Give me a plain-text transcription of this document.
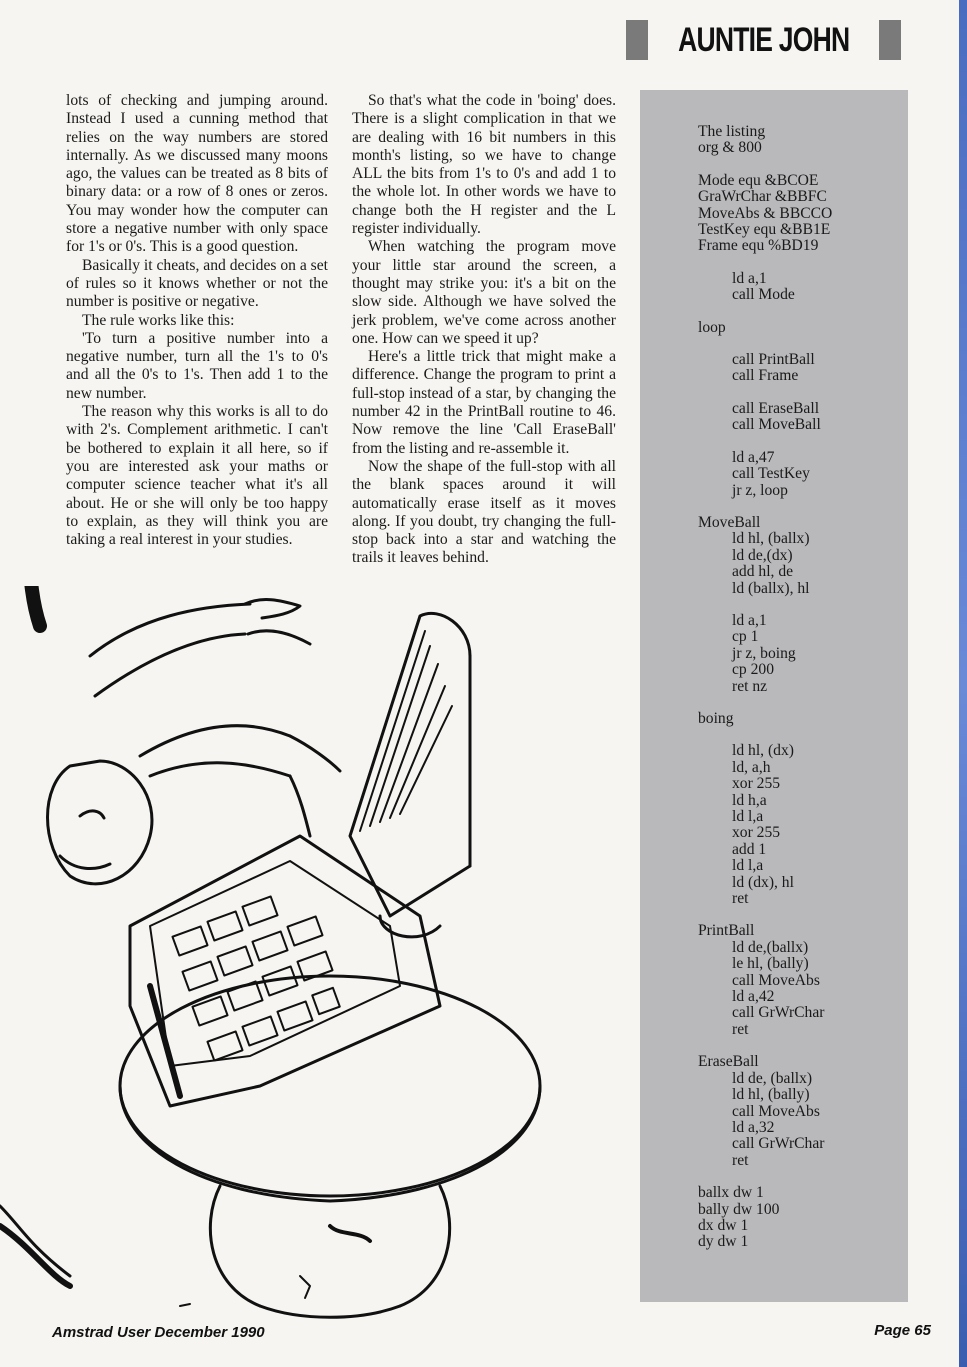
AUNTIE JOHN

lots of checking and jumping around. Instead I used a cunning method that relies on the way numbers are stored internally. As we discussed many moons ago, the values can be treated as 8 bits of binary data: or a row of 8 ones or zeros. You may wonder how the computer can store a negative number with only space for 1's or 0's. This is a good question.

Basically it cheats, and decides on a set of rules so it knows whether or not the number is positive or negative.

The rule works like this:

'To turn a positive number into a negative number, turn all the 1's to 0's and all the 0's to 1's. Then add 1 to the new number.

The reason why this works is all to do with 2's. Complement arithmetic. I can't be bothered to explain it all here, so if you are interested ask your maths or computer science teacher what it's all about. He or she will only be too happy to explain, as they will think you are taking a real interest in your studies.

So that's what the code in 'boing' does. There is a slight complication in that we are dealing with 16 bit numbers in this month's listing, so we have to change ALL the bits from 1's to 0's and add 1 to the whole lot. In other words we have to change both the H register and the L register individually.

When watching the program move your little star around the screen, a thought may strike you: it's a bit on the slow side. Although we have solved the jerk problem, we've come across another one. How can we speed it up?

Here's a little trick that might make a difference. Change the program to print a full-stop instead of a star, by changing the number 42 in the PrintBall routine to 46. Now remove the line 'Call EraseBall' from the listing and re-assemble it.

Now the shape of the full-stop with all the blank spaces around it will automatically erase itself as it moves along. If you doubt, try changing the full-stop back into a star and watching the trails it leaves behind.

The listing
org & 800
Mode equ &BCOE
GraWrChar &BBFC
MoveAbs & BBCCO
TestKey equ &BB1E
Frame equ %BD19
ld a,1
call Mode
loop
call PrintBall
call Frame
call EraseBall
call MoveBall
ld a,47
call TestKey
jr z, loop
MoveBall
ld hl, (ballx)
ld de,(dx)
add hl, de
ld (ballx), hl
ld a,1
cp 1
jr z, boing
cp 200
ret nz
boing
ld hl, (dx)
ld, a,h
xor 255
ld h,a
ld l,a
xor 255
add 1
ld l,a
ld (dx), hl
ret
PrintBall
ld de,(ballx)
le hl, (bally)
call MoveAbs
ld a,42
call GrWrChar
ret
EraseBall
ld de, (ballx)
ld hl, (bally)
call MoveAbs
ld a,32
call GrWrChar
ret
ballx dw 1
bally dw 100
dx dw 1
dy dw 1
Amstrad User December 1990	Page 65
